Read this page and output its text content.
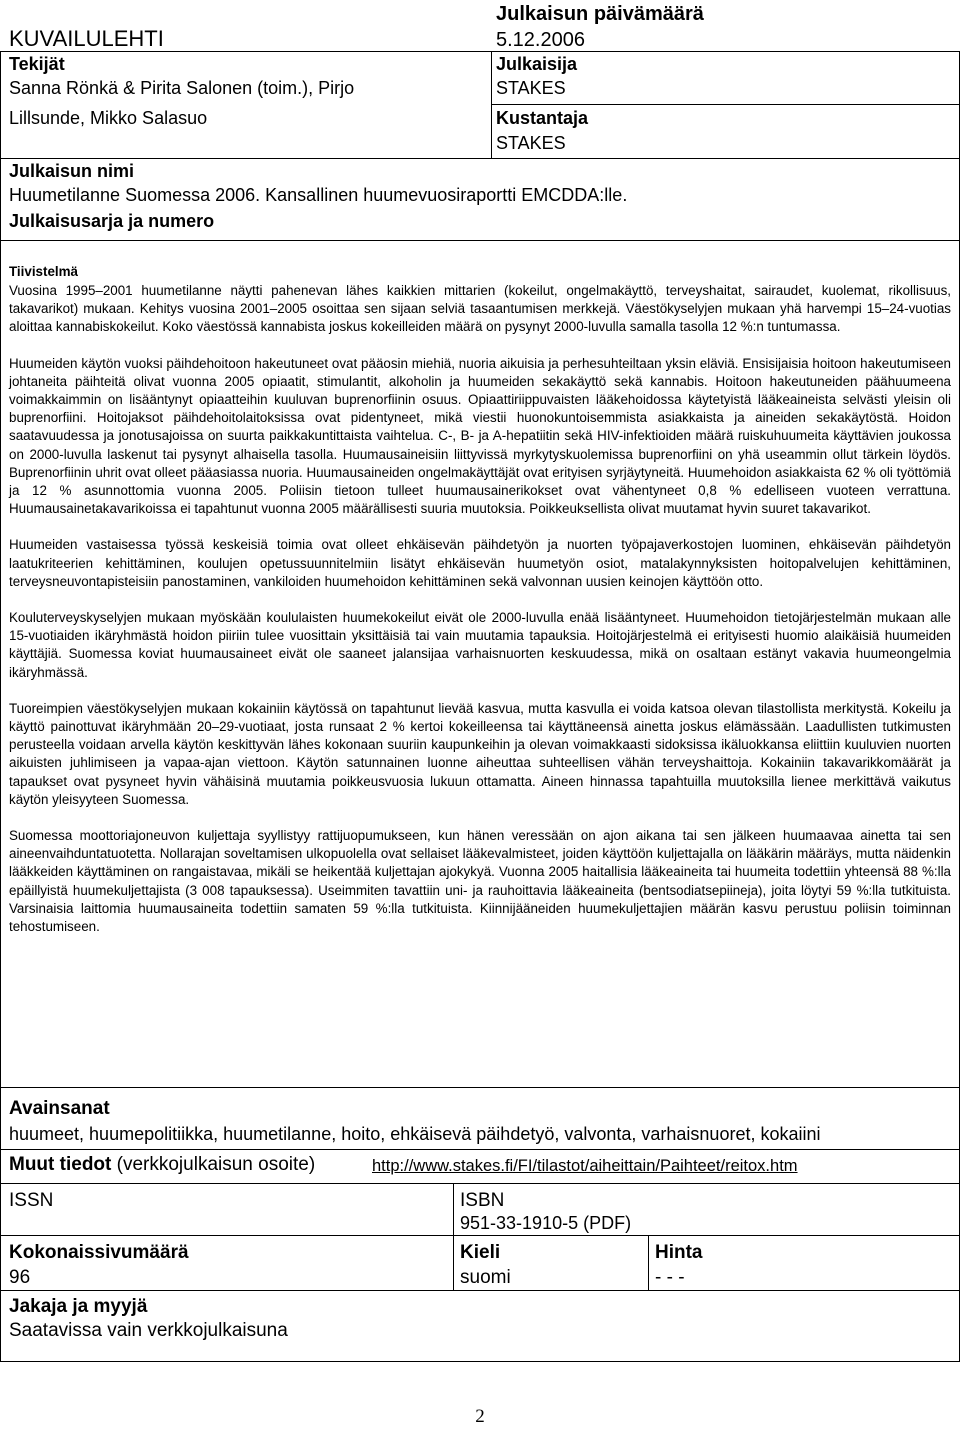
KUVAILULEHTI
Julkaisun päivämäärä
5.12.2006
Tekijät
Sanna Rönkä & Pirita Salonen (toim.), Pirjo
Lillsunde, Mikko Salasuo
Julkaisija
STAKES
Kustantaja
STAKES
Julkaisun nimi
Huumetilanne Suomessa 2006. Kansallinen huumevuosiraportti EMCDDA:lle.
Julkaisusarja ja numero
Tiivistelmä

Vuosina 1995–2001 huumetilanne näytti pahenevan lähes kaikkien mittarien (kokeilut, ongelmakäyttö, terveyshaitat, sairaudet, kuolemat, rikollisuus, takavarikot) mukaan. Kehitys vuosina 2001–2005 osoittaa sen sijaan selviä tasaantumisen merkkejä. Väestökyselyjen mukaan yhä harvempi 15–24-vuotias aloittaa kannabiskokeilut. Koko väestössä kannabista joskus kokeilleiden määrä on pysynyt 2000-luvulla samalla tasolla 12 %:n tuntumassa.

Huumeiden käytön vuoksi päihdehoitoon hakeutuneet ovat pääosin miehiä, nuoria aikuisia ja perhesuhteiltaan yksin eläviä. Ensisijaisia hoitoon hakeutumiseen johtaneita päihteitä olivat vuonna 2005 opiaatit, stimulantit, alkoholin ja huumeiden sekakäyttö sekä kannabis. Hoitoon hakeutuneiden päähuumeena voimakkaimmin on lisääntynyt opiaatteihin kuuluvan buprenorfiinin osuus. Opiaattiriippuvaisten lääkehoidossa käytetyistä lääkeaineista selvästi yleisin oli buprenorfiini. Hoitojaksot päihdehoitolaitoksissa ovat pidentyneet, mikä viestii huonokuntoisemmista asiakkaista ja aineiden sekakäytöstä. Hoidon saatavuudessa ja jonotusajoissa on suurta paikkakuntittaista vaihtelua. C-, B- ja A-hepatiitin sekä HIV-infektioiden määrä ruiskuhuumeita käyttävien joukossa on 2000-luvulla laskenut tai pysynyt alhaisella tasolla. Huumausaineisiin liittyvissä myrkytyskuolemissa buprenorfiini on yhä useammin ollut tärkein löydös. Buprenorfiinin uhrit ovat olleet pääasiassa nuoria. Huumausaineiden ongelmakäyttäjät ovat erityisen syrjäytyneitä. Huumehoidon asiakkaista 62 % oli työttömiä ja 12 % asunnottomia vuonna 2005. Poliisin tietoon tulleet huumausainerikokset ovat vähentyneet 0,8 % edelliseen vuoteen verrattuna. Huumausainetakavarikoissa ei tapahtunut vuonna 2005 määrällisesti suuria muutoksia. Poikkeuksellista olivat muutamat hyvin suuret takavarikot.

Huumeiden vastaisessa työssä keskeisiä toimia ovat olleet ehkäisevän päihdetyön ja nuorten työpajaverkostojen luominen, ehkäisevän päihdetyön laatukriteerien kehittäminen, koulujen opetussuunnitelmiin lisätyt ehkäisevän huumetyön osiot, matalakynnyksisten hoitopalvelujen kehittäminen, terveysneuvontapisteisiin panostaminen, vankiloiden huumehoidon kehittäminen sekä valvonnan uusien keinojen käyttöön otto.

Kouluterveyskyselyjen mukaan myöskään koululaisten huumekokeilut eivät ole 2000-luvulla enää lisääntyneet. Huumehoidon tietojärjestelmän mukaan alle 15-vuotiaiden ikäryhmästä hoidon piiriin tulee vuosittain yksittäisiä tai vain muutamia tapauksia. Hoitojärjestelmä ei erityisesti huomio alaikäisiä huumeiden käyttäjiä. Suomessa koviat huumausaineet eivät ole saaneet jalansijaa varhaisnuorten keskuudessa, mikä on osaltaan estänyt vakavia huumeongelmia ikäryhmässä.

Tuoreimpien väestökyselyjen mukaan kokainiin käytössä on tapahtunut lievää kasvua, mutta kasvulla ei voida katsoa olevan tilastollista merkitystä. Kokeilu ja käyttö painottuvat ikäryhmään 20–29-vuotiaat, josta runsaat 2 % kertoi kokeilleensa tai käyttäneensä ainetta joskus elämässään. Laadullisten tutkimusten perusteella voidaan arvella käytön keskittyvän lähes kokonaan suuriin kaupunkeihin ja olevan voimakkaasti sidoksissa ikäluokkansa eliittiin kuuluvien nuorten aikuisten juhlimiseen ja vapaa-ajan viettoon. Käytön satunnainen luonne aiheuttaa suhteellisen vähän terveyshaittoja. Kokainiin takavarikkomäärät ja tapaukset ovat pysyneet hyvin vähäisinä muutamia poikkeusvuosia lukuun ottamatta. Aineen hinnassa tapahtuilla muutoksilla lienee merkittävä vaikutus käytön yleisyyteen Suomessa.

Suomessa moottoriajoneuvon kuljettaja syyllistyy rattijuopumukseen, kun hänen veressään on ajon aikana tai sen jälkeen huumaavaa ainetta tai sen aineenvaihduntatuotetta. Nollarajan soveltamisen ulkopuolella ovat sellaiset lääkevalmisteet, joiden käyttöön kuljettajalla on lääkärin määräys, mutta näidenkin lääkkeiden käyttäminen on rangaistavaa, mikäli se heikentää kuljettajan ajokykyä. Vuonna 2005 haitallisia lääkeaineita tai huumeita todettiin yhteensä 88 %:lla epäillyistä huumekuljettajista (3 008 tapauksessa). Useimmiten tavattiin uni- ja rauhoittavia lääkeaineita (bentsodiatsepiineja), joita löytyi 59 %:lla tutkituista. Varsinaisia laittomia huumausaineita todettiin samaten 59 %:lla tutkituista. Kiinnijääneiden huumekuljettajien määrän kasvu perustuu poliisin toiminnan tehostumiseen.

Avainsanat
huumeet, huumepolitiikka, huumetilanne, hoito, ehkäisevä päihdetyö, valvonta, varhaisnuoret, kokaiini
Muut tiedot (verkkojulkaisun osoite)	http://www.stakes.fi/FI/tilastot/aiheittain/Paihteet/reitox.htm
ISSN	ISBN
951-33-1910-5 (PDF)
Kokonaissivumäärä
96
Kieli
suomi
Hinta
- - -
Jakaja ja myyjä
Saatavissa vain verkkojulkaisuna
2
